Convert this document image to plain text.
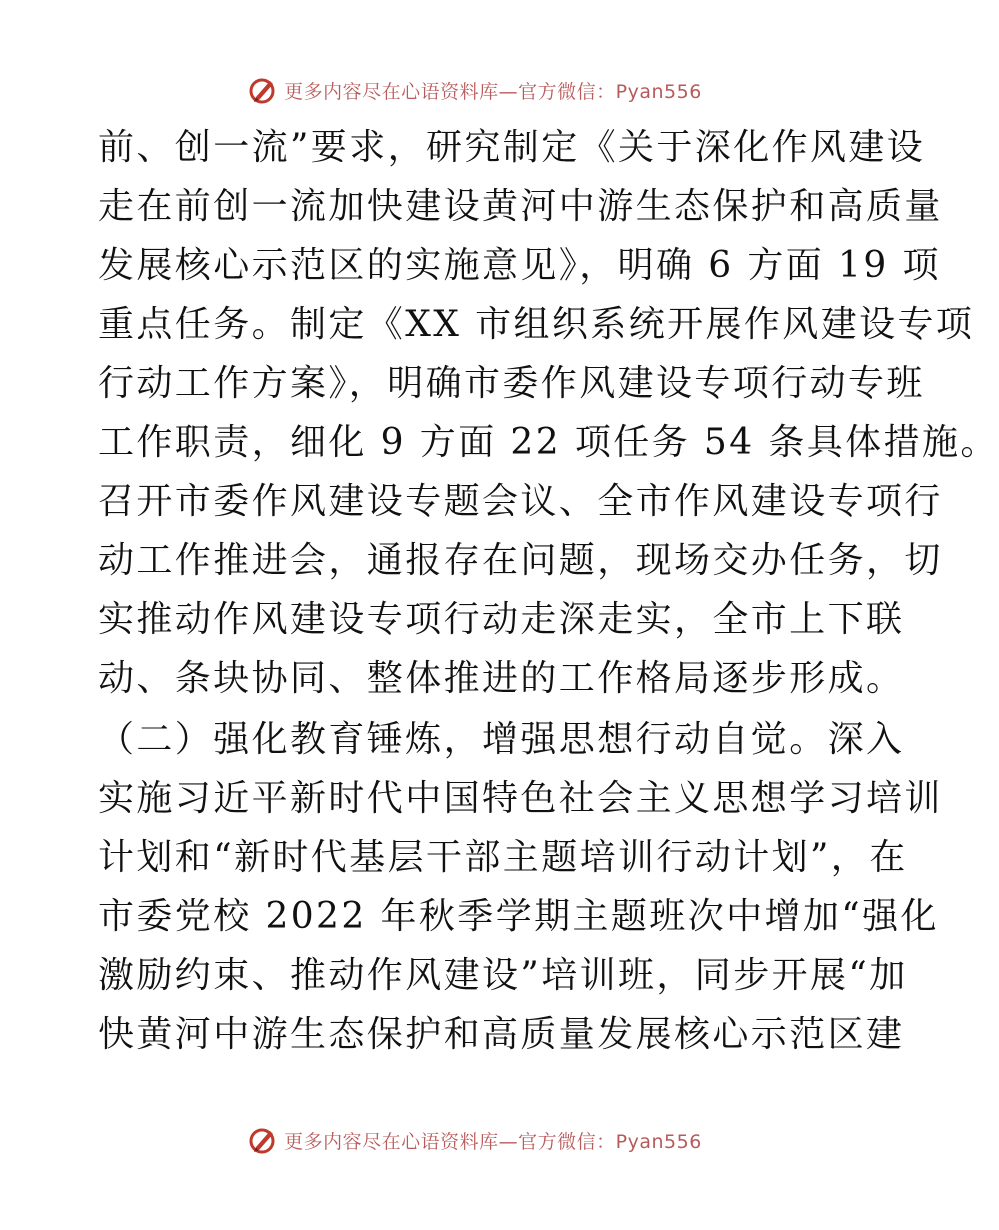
更多内容尽在心语资料库—官方微信：Pyan556
前、创一流”要求，研究制定《关于深化作风建设
走在前创一流加快建设黄河中游生态保护和高质量
发展核心示范区的实施意见》，明确 6 方面 19 项
重点任务。制定《XX 市组织系统开展作风建设专项
行动工作方案》，明确市委作风建设专项行动专班
工作职责，细化 9 方面 22 项任务 54 条具体措施。
召开市委作风建设专题会议、全市作风建设专项行
动工作推进会，通报存在问题，现场交办任务，切
实推动作风建设专项行动走深走实，全市上下联
动、条块协同、整体推进的工作格局逐步形成。
（二）强化教育锤炼，增强思想行动自觉。深入
实施习近平新时代中国特色社会主义思想学习培训
计划和“新时代基层干部主题培训行动计划”，在
市委党校 2022 年秋季学期主题班次中增加“强化
激励约束、推动作风建设”培训班，同步开展“加
快黄河中游生态保护和高质量发展核心示范区建
更多内容尽在心语资料库—官方微信：Pyan556
